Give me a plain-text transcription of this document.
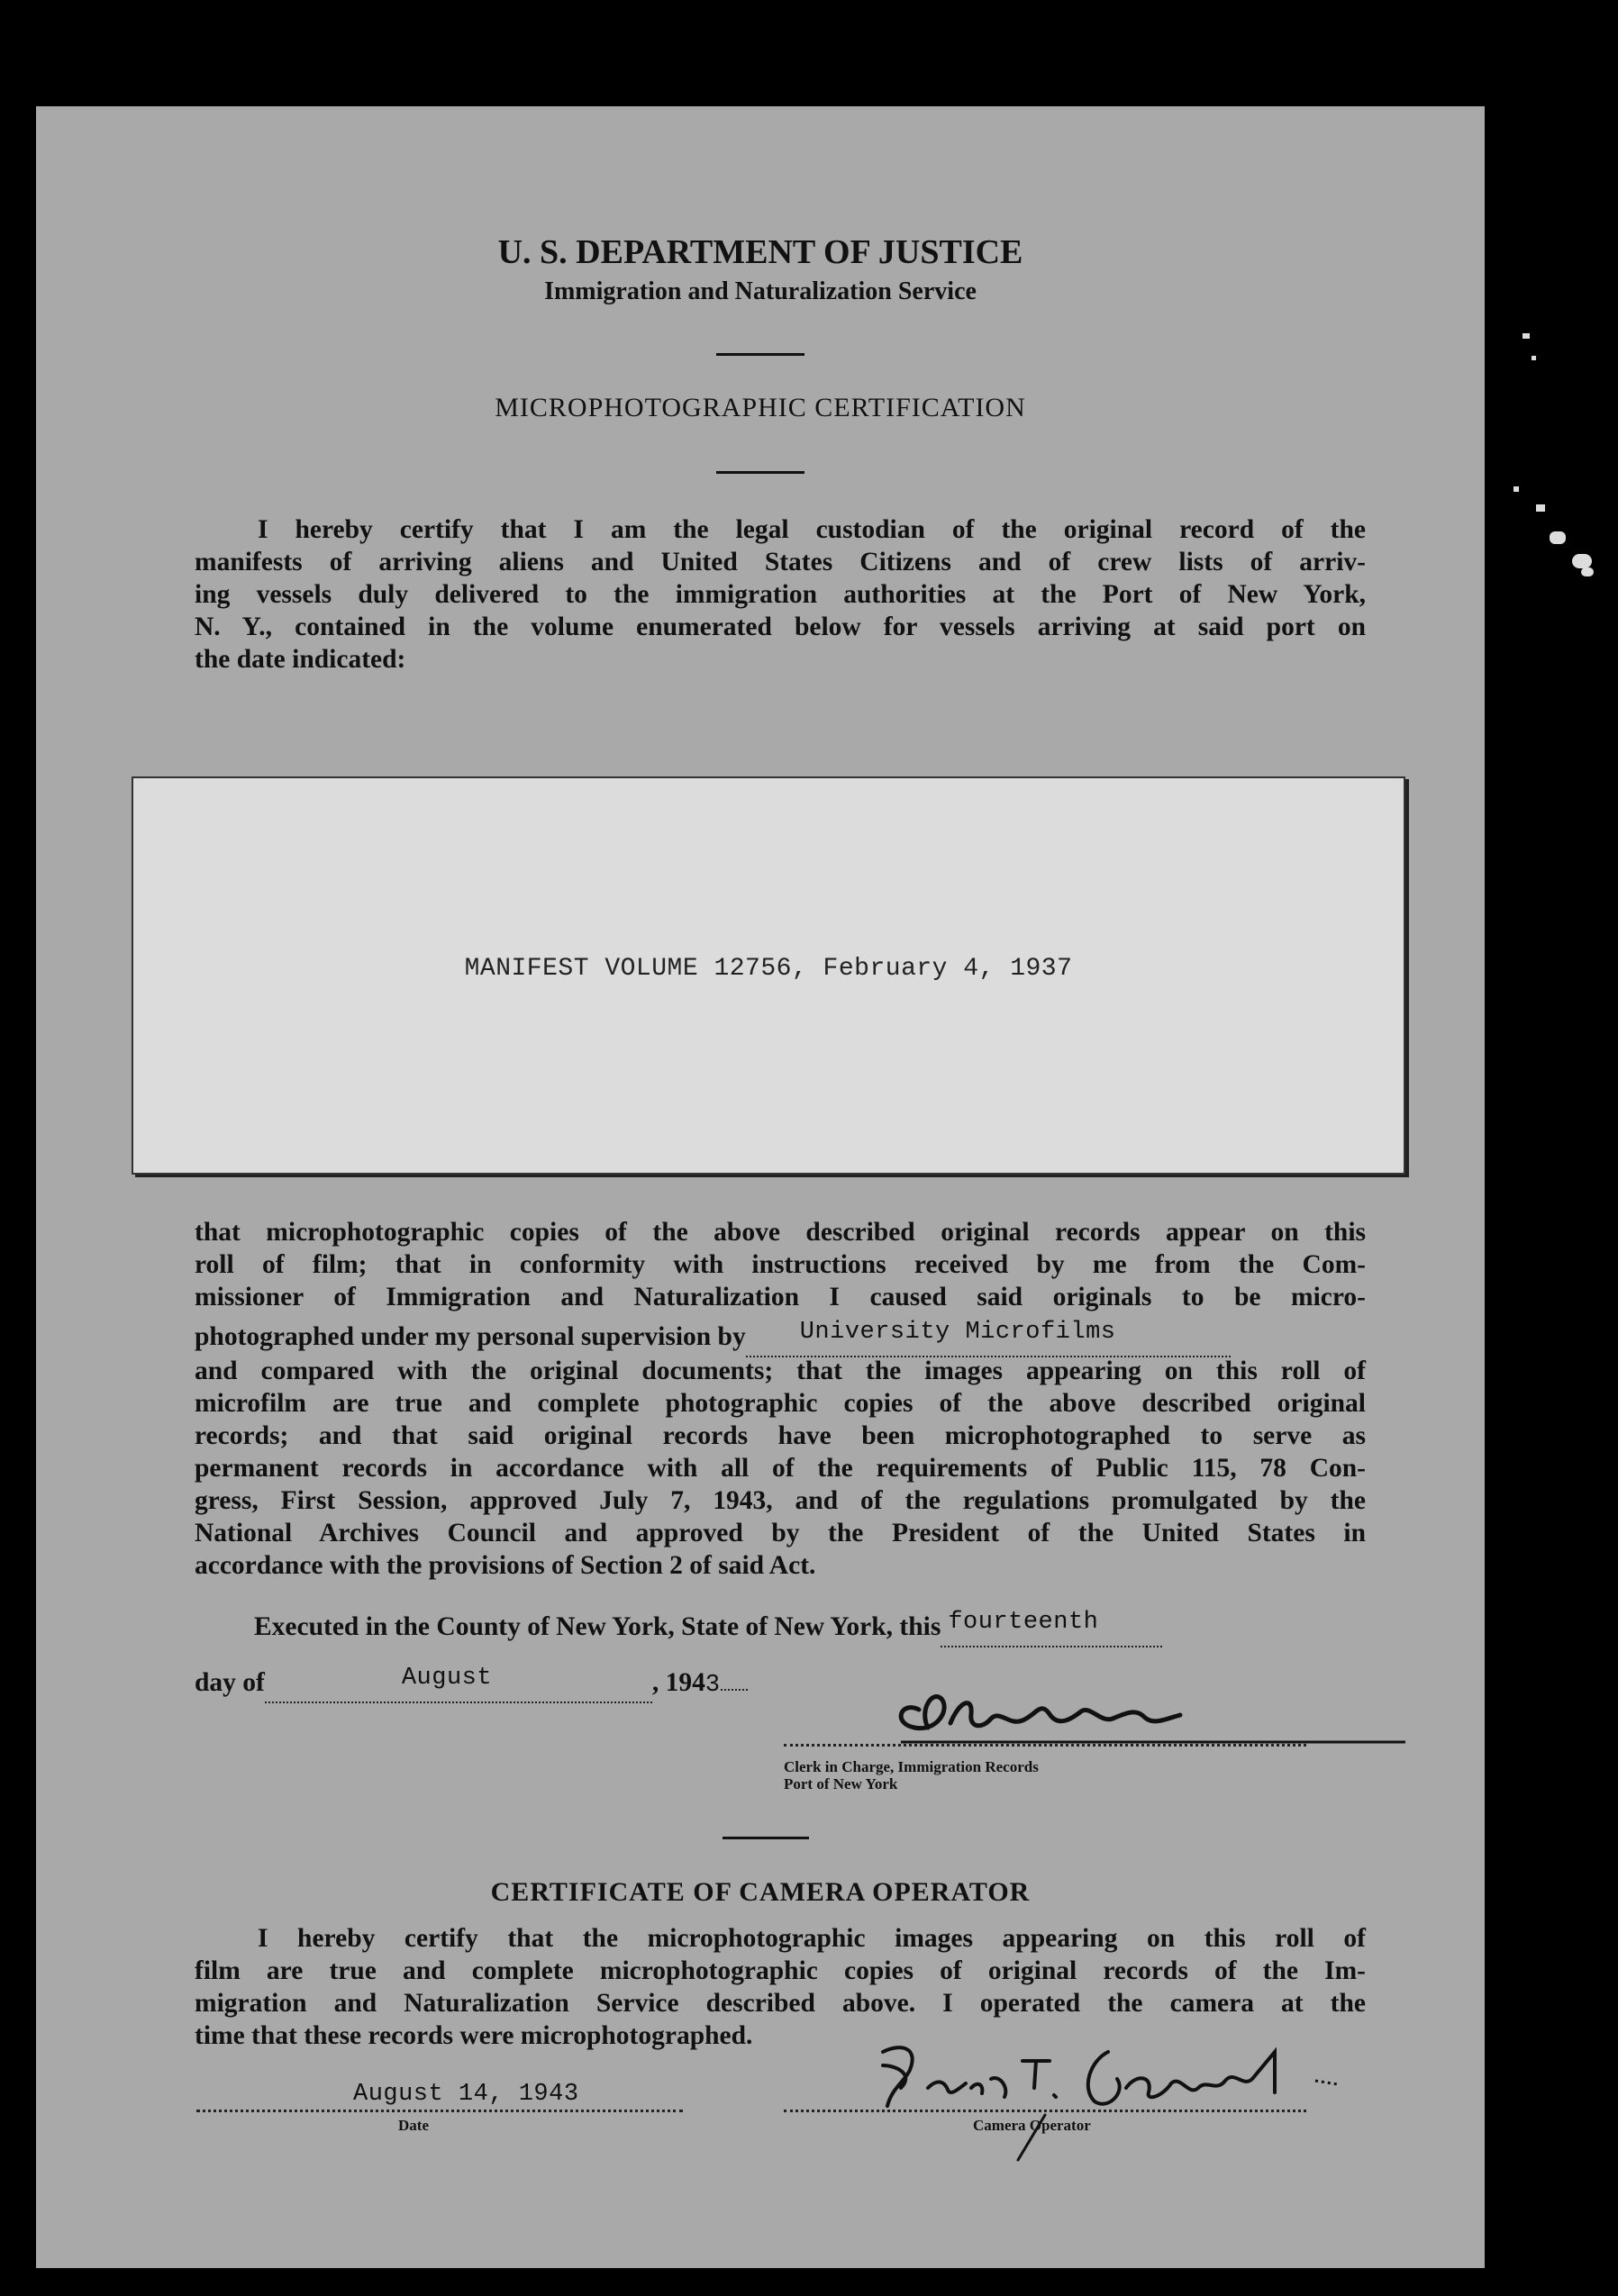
U. S. DEPARTMENT OF JUSTICE
Immigration and Naturalization Service
MICROPHOTOGRAPHIC CERTIFICATION
I hereby certify that I am the legal custodian of the original record of the
manifests of arriving aliens and United States Citizens and of crew lists of arriv-
ing vessels duly delivered to the immigration authorities at the Port of New York,
N. Y., contained in the volume enumerated below for vessels arriving at said port on
the date indicated:
MANIFEST VOLUME 12756, February 4, 1937
that microphotographic copies of the above described original records appear on this
roll of film; that in conformity with instructions received by me from the Com-
missioner of Immigration and Naturalization I caused said originals to be micro-
photographed under my personal supervision by University Microfilms
and compared with the original documents; that the images appearing on this roll of
microfilm are true and complete photographic copies of the above described original
records; and that said original records have been microphotographed to serve as
permanent records in accordance with all of the requirements of Public 115, 78 Con-
gress, First Session, approved July 7, 1943, and of the regulations promulgated by the
National Archives Council and approved by the President of the United States in
accordance with the provisions of Section 2 of said Act.
Executed in the County of New York, State of New York, this fourteenth
day of	August	, 1943
Clerk in Charge, Immigration Records
Port of New York
CERTIFICATE OF CAMERA OPERATOR
I hereby certify that the microphotographic images appearing on this roll of
film are true and complete microphotographic copies of original records of the Im-
migration and Naturalization Service described above. I operated the camera at the
time that these records were microphotographed.
August 14, 1943
Date	Camera Operator
